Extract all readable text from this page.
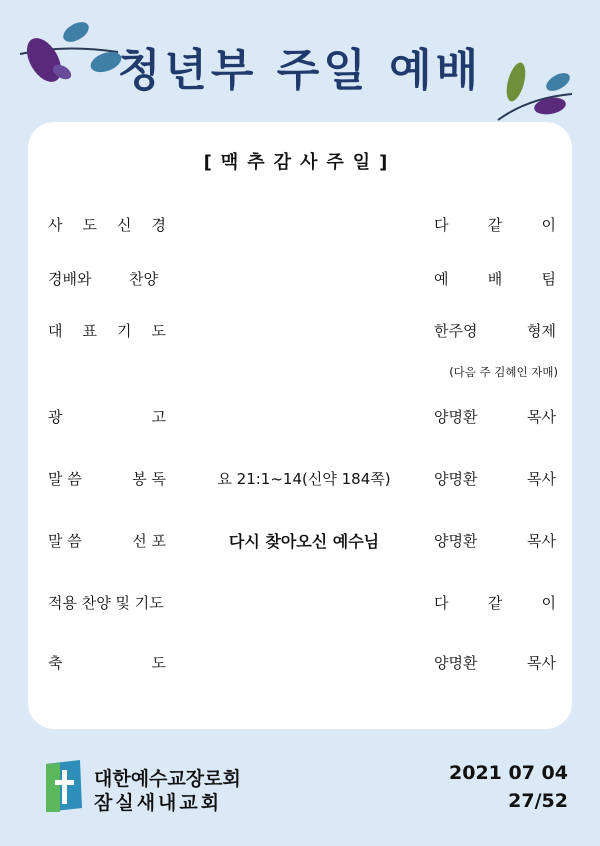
청년부 주일 예배
[맥추감사주일]
사 도 신 경	다	같	이
경배와	찬양	예	배	팀
대 표 기 도	한주영	형제
(다음 주 김혜인 자매)
광	고	양명환	목사
말 씀	봉 독	요 21:1~14(신약 184쪽)	양명환	목사
말 씀	선 포	다시 찾아오신 예수님	양명환	목사
적용 찬양 및 기도	다	같	이
축	도	양명환	목사
대한예수교장로회
잠실새내교회
2021 07 04
27/52
